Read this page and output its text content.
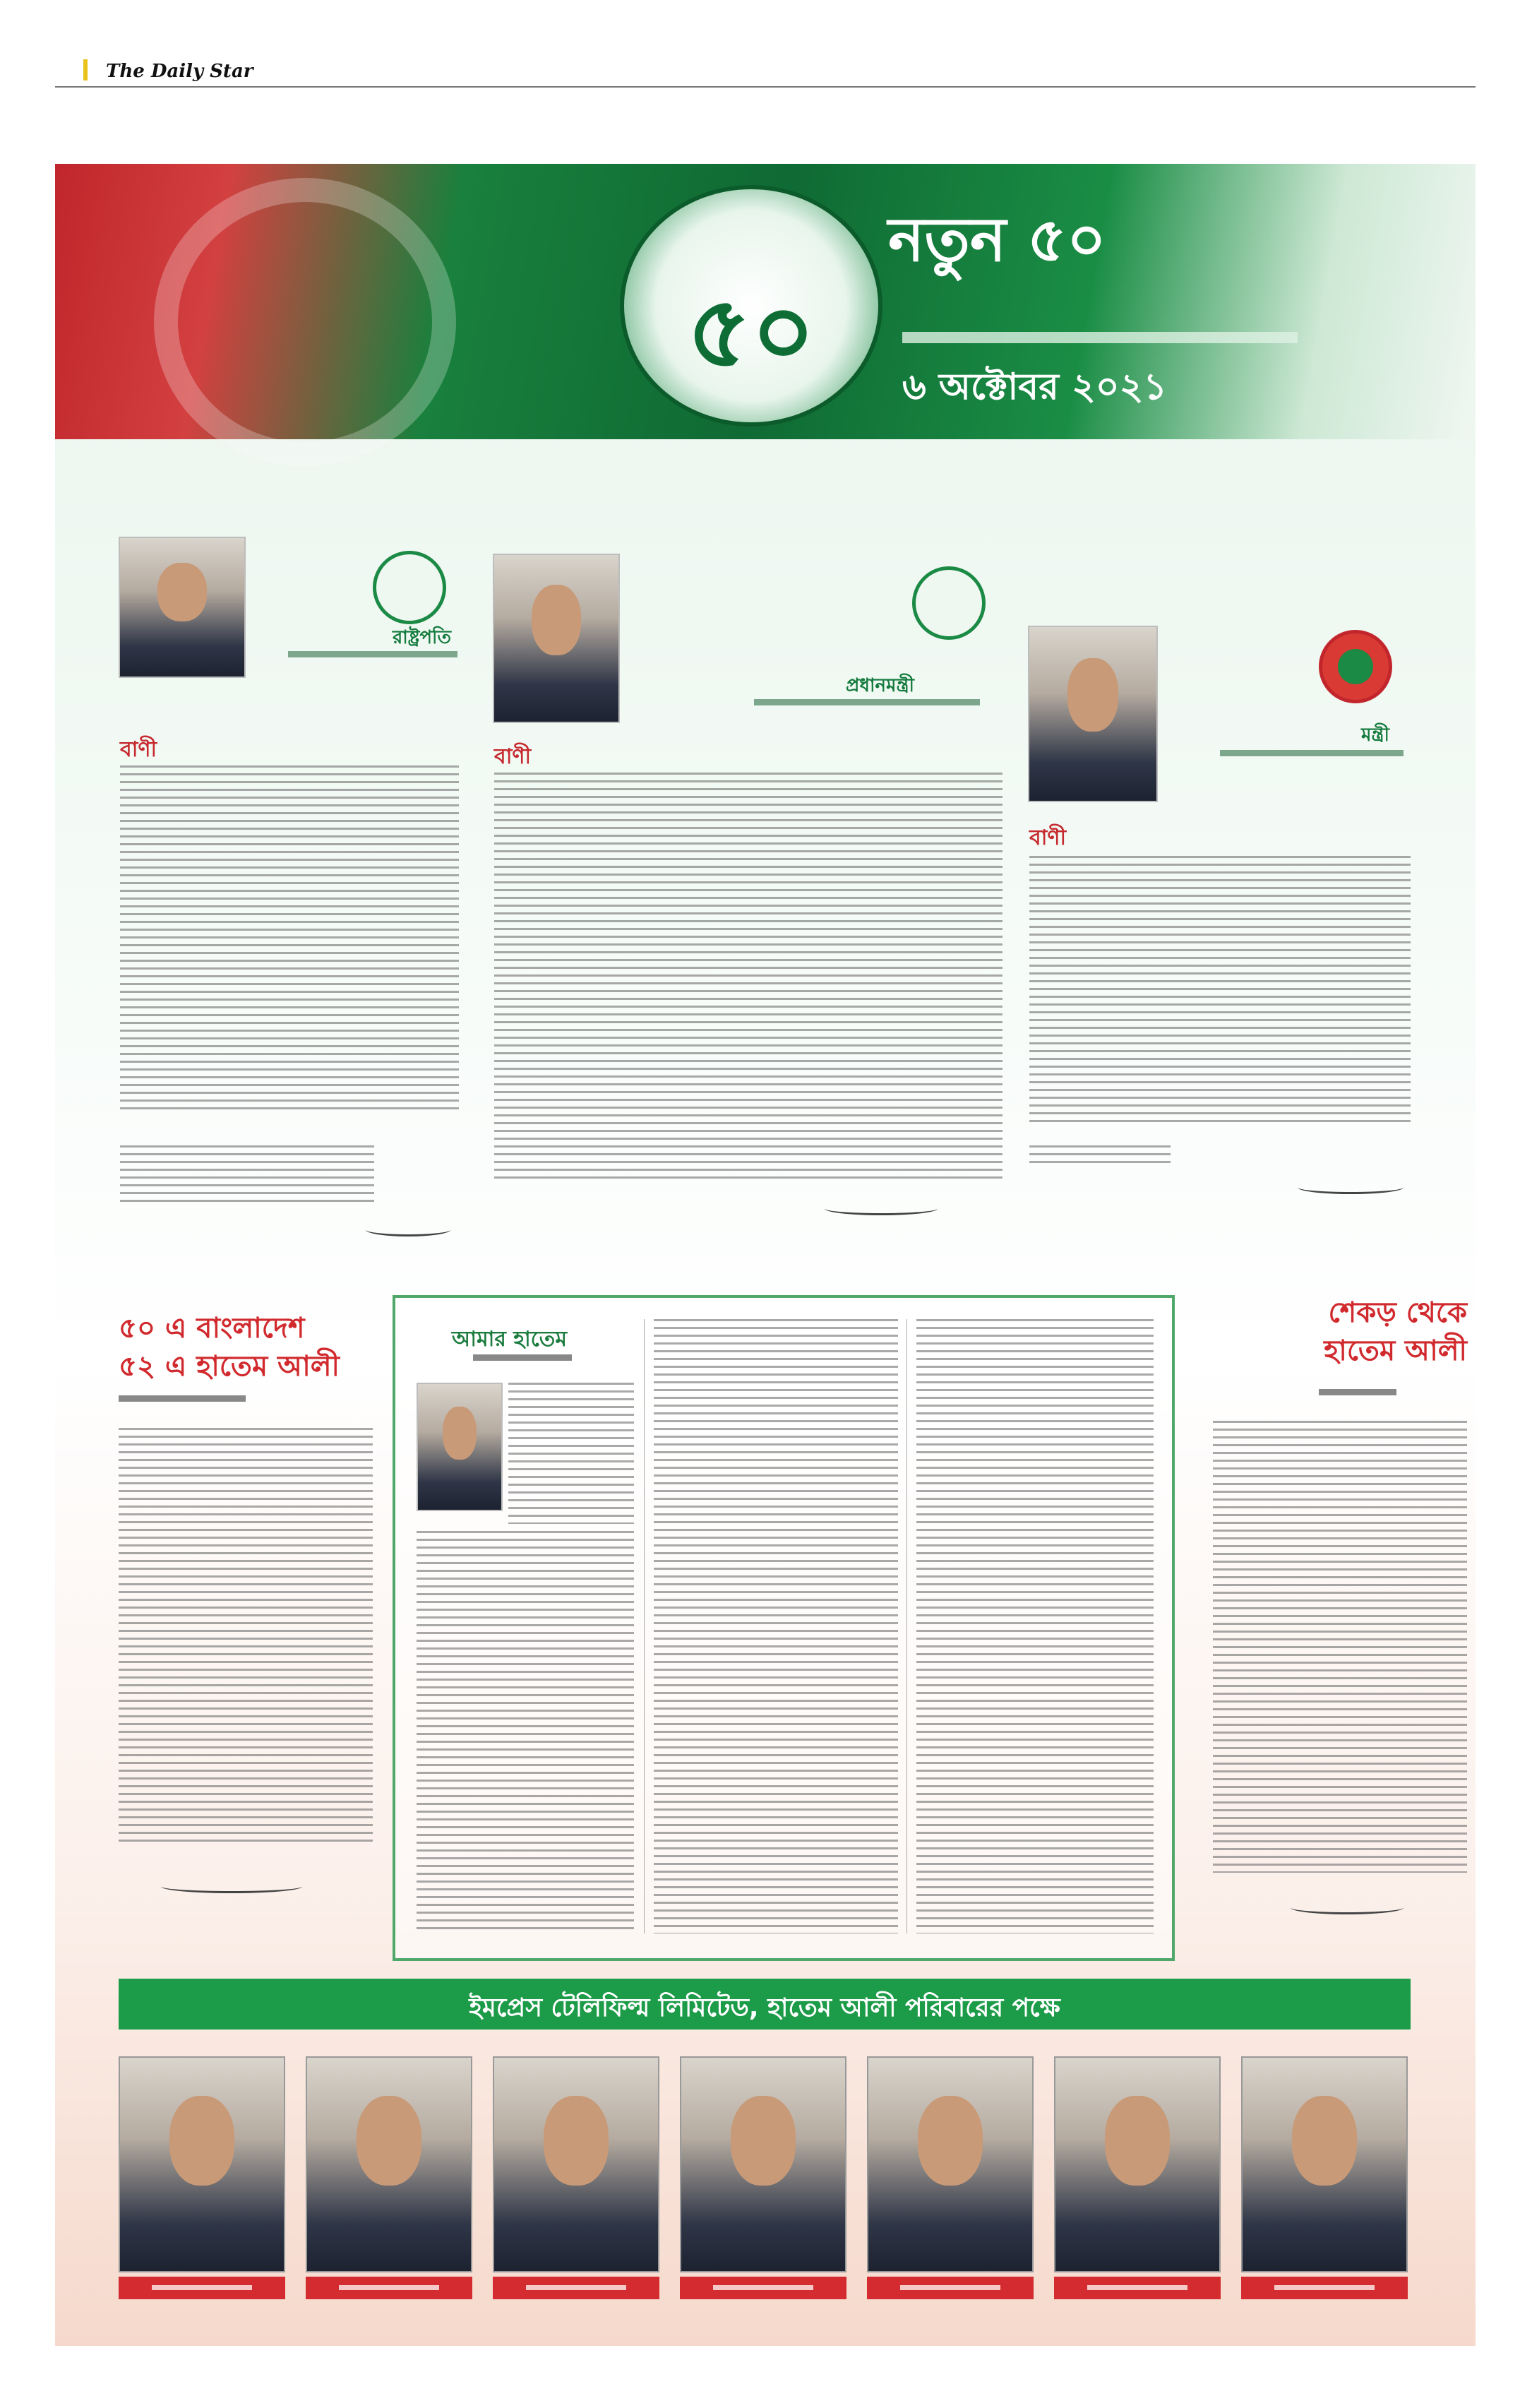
The Daily Star
৫০
নতুন ৫০
৬ অক্টোবর ২০২১
রাষ্ট্রপতি
বাণী
প্রধানমন্ত্রী
বাণী
মন্ত্রী
বাণী
৫০ এ বাংলাদেশ
৫২ এ হাতেম আলী
আমার হাতেম
শেকড় থেকে
হাতেম আলী
ইমপ্রেস টেলিফিল্ম লিমিটেড, হাতেম আলী পরিবারের পক্ষে
